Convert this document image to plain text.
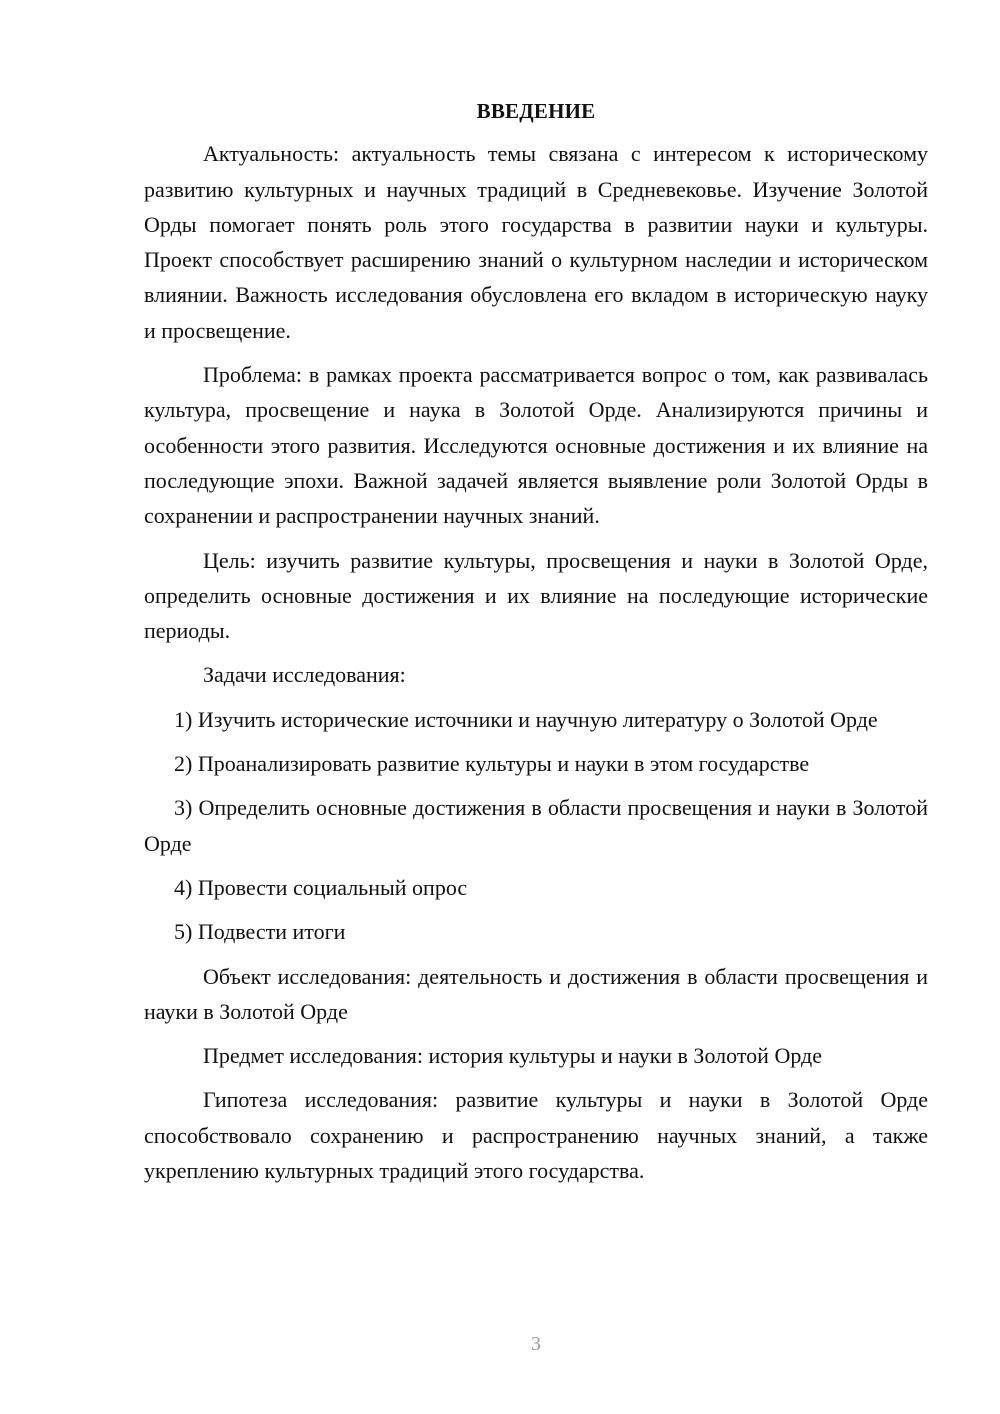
ВВЕДЕНИЕ

Актуальность: актуальность темы связана с интересом к историческому развитию культурных и научных традиций в Средневековье. Изучение Золотой Орды помогает понять роль этого государства в развитии науки и культуры. Проект способствует расширению знаний о культурном наследии и историческом влиянии. Важность исследования обусловлена его вкладом в историческую науку и просвещение.

Проблема: в рамках проекта рассматривается вопрос о том, как развивалась культура, просвещение и наука в Золотой Орде. Анализируются причины и особенности этого развития. Исследуются основные достижения и их влияние на последующие эпохи. Важной задачей является выявление роли Золотой Орды в сохранении и распространении научных знаний.

Цель: изучить развитие культуры, просвещения и науки в Золотой Орде, определить основные достижения и их влияние на последующие исторические периоды.

Задачи исследования:

1) Изучить исторические источники и научную литературу о Золотой Орде

2) Проанализировать развитие культуры и науки в этом государстве

3) Определить основные достижения в области просвещения и науки в Золотой Орде

4) Провести социальный опрос

5) Подвести итоги

Объект исследования: деятельность и достижения в области просвещения и науки в Золотой Орде

Предмет исследования: история культуры и науки в Золотой Орде

Гипотеза исследования: развитие культуры и науки в Золотой Орде способствовало сохранению и распространению научных знаний, а также укреплению культурных традиций этого государства.

3
